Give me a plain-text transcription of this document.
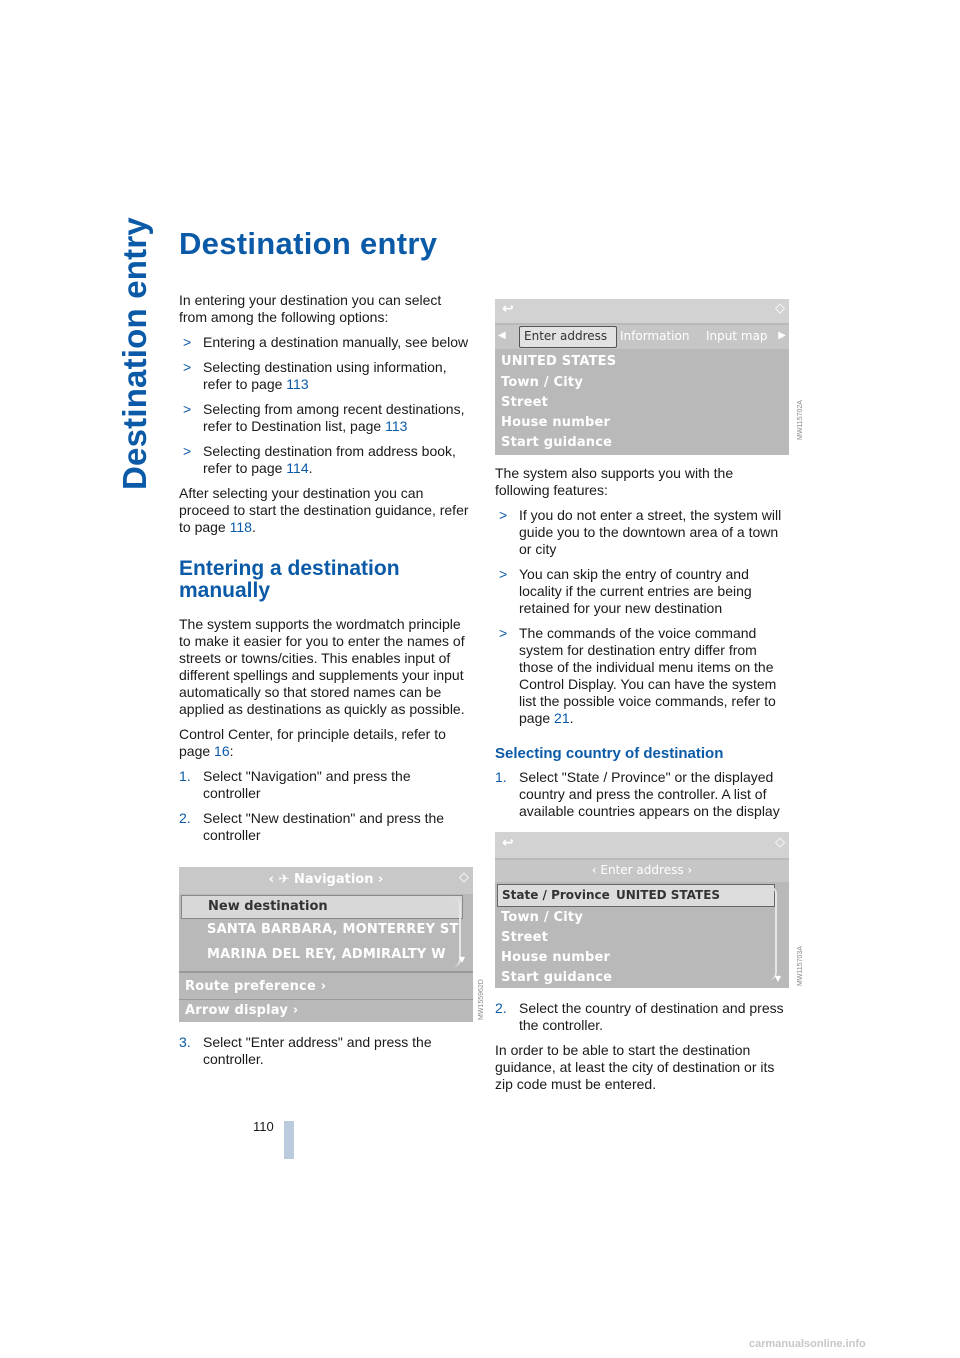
Destination entry Destination entry

In entering your destination you can select from among the following options:

> Entering a destination manually, see below
> Selecting destination using information, refer to page 113
> Selecting from among recent destinations, refer to Destination list, page 113
> Selecting destination from address book, refer to page 114.

After selecting your destination you can proceed to start the destination guidance, refer to page 118.

Entering a destination manually

The system supports the wordmatch principle to make it easier for you to enter the names of streets or towns/cities. This enables input of different spellings and supplements your input automatically so that stored names can be applied as destinations as quickly as possible.

Control Center, for principle details, refer to page 16:

1. Select "Navigation" and press the controller
2. Select "New destination" and press the controller
‹ ✈ Navigation ›	◇
New destination
SANTA BARBARA, MONTERREY ST
MARINA DEL REY, ADMIRALTY W ▼
Route preference ›
Arrow display ›	MW155962D
3. Select "Enter address" and press the controller.
↩	◇
◀ Enter address Information Input map ▶
UNITED STATES
Town / City
Street
House number
Start guidance
MW115702A

The system also supports you with the following features:

> If you do not enter a street, the system will guide you to the downtown area of a town or city
> You can skip the entry of country and locality if the current entries are being retained for your new destination
> The commands of the voice command system for destination entry differ from those of the individual menu items on the Control Display. You can have the system list the possible voice commands, refer to page 21.
Selecting country of destination
1. Select "State / Province" or the displayed country and press the controller. A list of available countries appears on the display
↩	◇
‹ Enter address ›
State / Province UNITED STATES
Town / City
Street
House number
Start guidance	▼ MW115703A
2. Select the country of destination and press the controller.

In order to be able to start the destination guidance, at least the city of destination or its zip code must be entered.

110
carmanualsonline.info
